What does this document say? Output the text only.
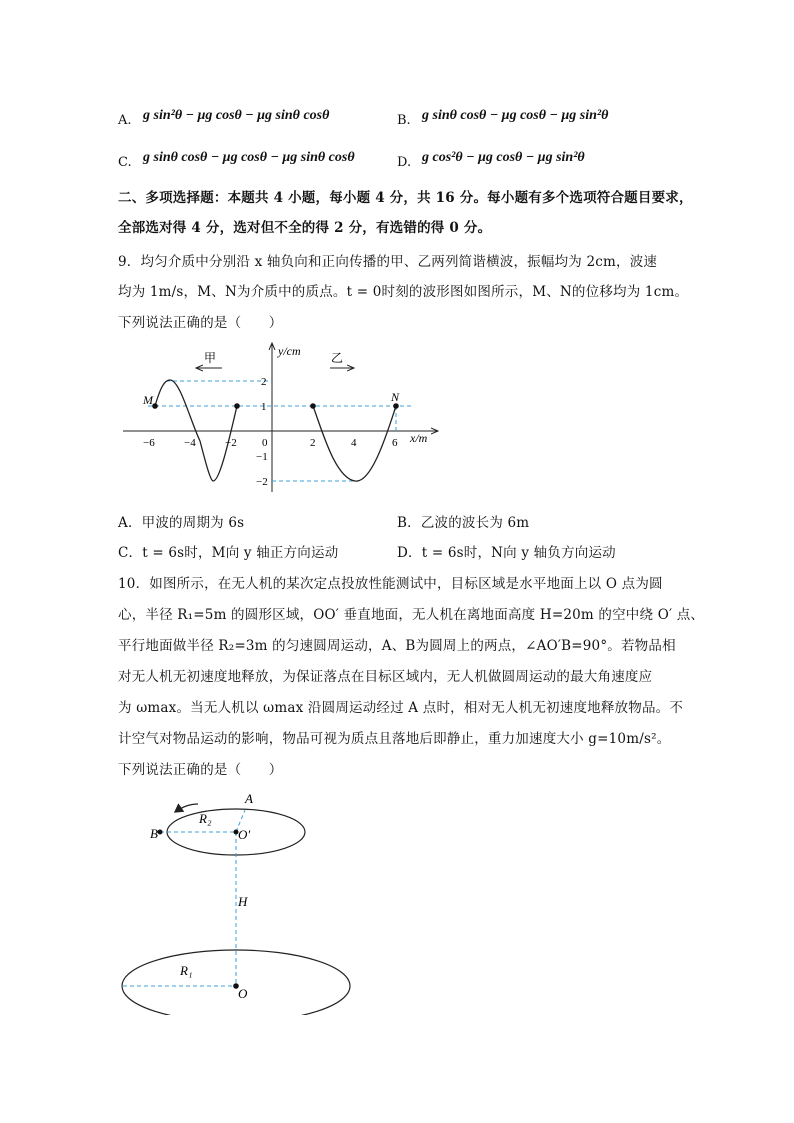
A. g sin²θ − μg cosθ − μg sinθ cosθ	B. g sinθ cosθ − μg cosθ − μg sin²θ
C. g sinθ cosθ − μg cosθ − μg sinθ cosθ	D. g cos²θ − μg cosθ − μg sin²θ
二、多项选择题：本题共 4 小题，每小题 4 分，共 16 分。每小题有多个选项符合题目要求，
全部选对得 4 分，选对但不全的得 2 分，有选错的得 0 分。
9．均匀介质中分别沿 x 轴负向和正向传播的甲、乙两列简谐横波，振幅均为 2cm，波速
均为 1m/s，M、N为介质中的质点。t = 0时刻的波形图如图所示，M、N的位移均为 1cm。
下列说法正确的是（　　）
甲	乙
y/cm
x/m
M	N
−6	−4	−2 0	2	4	6
2
1
−1
−2
A．甲波的周期为 6s	B．乙波的波长为 6m
C．t = 6s时，M向 y 轴正方向运动	D．t = 6s时，N向 y 轴负方向运动
10．如图所示，在无人机的某次定点投放性能测试中，目标区域是水平地面上以 O 点为圆
心，半径 R₁=5m 的圆形区域，OO′ 垂直地面，无人机在离地面高度 H=20m 的空中绕 O′ 点、
平行地面做半径 R₂=3m 的匀速圆周运动，A、B为圆周上的两点，∠AO′B=90°。若物品相
对无人机无初速度地释放，为保证落点在目标区域内，无人机做圆周运动的最大角速度应
为 ωmax。当无人机以 ωmax 沿圆周运动经过 A 点时，相对无人机无初速度地释放物品。不
计空气对物品运动的影响，物品可视为质点且落地后即静止，重力加速度大小 g=10m/s²。
下列说法正确的是（　　）
A
B
R₂
O′
H
R₁
O
